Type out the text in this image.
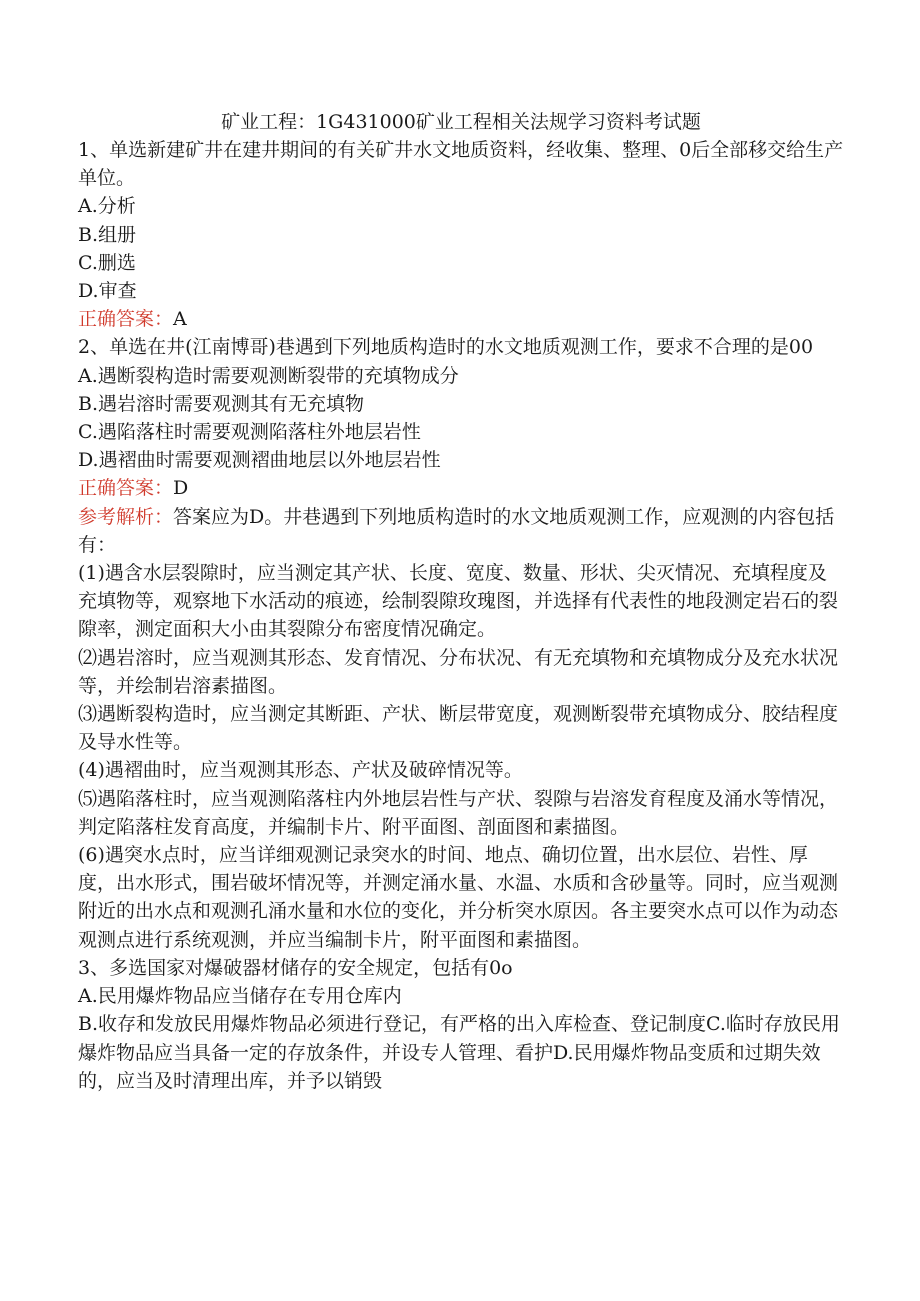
矿业工程：1G431000矿业工程相关法规学习资料考试题

1、单选新建矿井在建井期间的有关矿井水文地质资料，经收集、整理、0后全部移交给生产单位。

A.分析

B.组册

C.删选

D.审查

正确答案：A

2、单选在井(江南博哥)巷遇到下列地质构造时的水文地质观测工作，要求不合理的是00

A.遇断裂构造时需要观测断裂带的充填物成分

B.遇岩溶时需要观测其有无充填物

C.遇陷落柱时需要观测陷落柱外地层岩性

D.遇褶曲时需要观测褶曲地层以外地层岩性

正确答案：D

参考解析：答案应为D。井巷遇到下列地质构造时的水文地质观测工作，应观测的内容包括有：

(1)遇含水层裂隙时，应当测定其产状、长度、宽度、数量、形状、尖灭情况、充填程度及充填物等，观察地下水活动的痕迹，绘制裂隙玫瑰图，并选择有代表性的地段测定岩石的裂隙率，测定面积大小由其裂隙分布密度情况确定。

⑵遇岩溶时，应当观测其形态、发育情况、分布状况、有无充填物和充填物成分及充水状况等，并绘制岩溶素描图。

⑶遇断裂构造时，应当测定其断距、产状、断层带宽度，观测断裂带充填物成分、胶结程度及导水性等。

(4)遇褶曲时，应当观测其形态、产状及破碎情况等。

⑸遇陷落柱时，应当观测陷落柱内外地层岩性与产状、裂隙与岩溶发育程度及涌水等情况，判定陷落柱发育高度，并编制卡片、附平面图、剖面图和素描图。

(6)遇突水点时，应当详细观测记录突水的时间、地点、确切位置，出水层位、岩性、厚度，出水形式，围岩破坏情况等，并测定涌水量、水温、水质和含砂量等。同时，应当观测附近的出水点和观测孔涌水量和水位的变化，并分析突水原因。各主要突水点可以作为动态观测点进行系统观测，并应当编制卡片，附平面图和素描图。

3、多选国家对爆破器材储存的安全规定，包括有0o

A.民用爆炸物品应当储存在专用仓库内

B.收存和发放民用爆炸物品必须进行登记，有严格的出入库检查、登记制度C.临时存放民用爆炸物品应当具备一定的存放条件，并设专人管理、看护D.民用爆炸物品变质和过期失效的，应当及时清理出库，并予以销毁
